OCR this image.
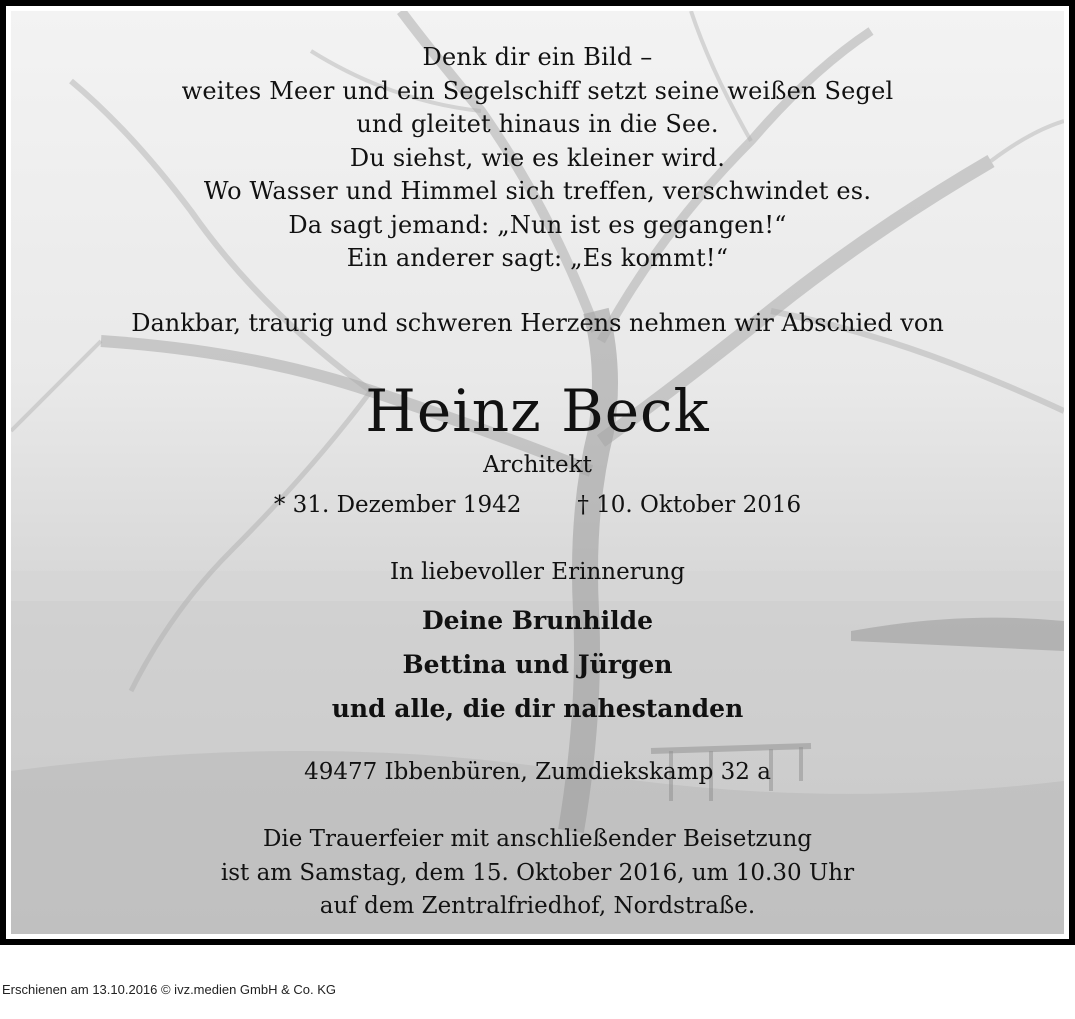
Denk dir ein Bild –
weites Meer und ein Segelschiff setzt seine weißen Segel
und gleitet hinaus in die See.
Du siehst, wie es kleiner wird.
Wo Wasser und Himmel sich treffen, verschwindet es.
Da sagt jemand: „Nun ist es gegangen!“
Ein anderer sagt: „Es kommt!“
Dankbar, traurig und schweren Herzens nehmen wir Abschied von
Heinz Beck
Architekt
* 31. Dezember 1942 † 10. Oktober 2016
In liebevoller Erinnerung
Deine Brunhilde
Bettina und Jürgen
und alle, die dir nahestanden
49477 Ibbenbüren, Zumdiekskamp 32 a
Die Trauerfeier mit anschließender Beisetzung
ist am Samstag, dem 15. Oktober 2016, um 10.30 Uhr
auf dem Zentralfriedhof, Nordstraße.
Erschienen am 13.10.2016 © ivz.medien GmbH & Co. KG
